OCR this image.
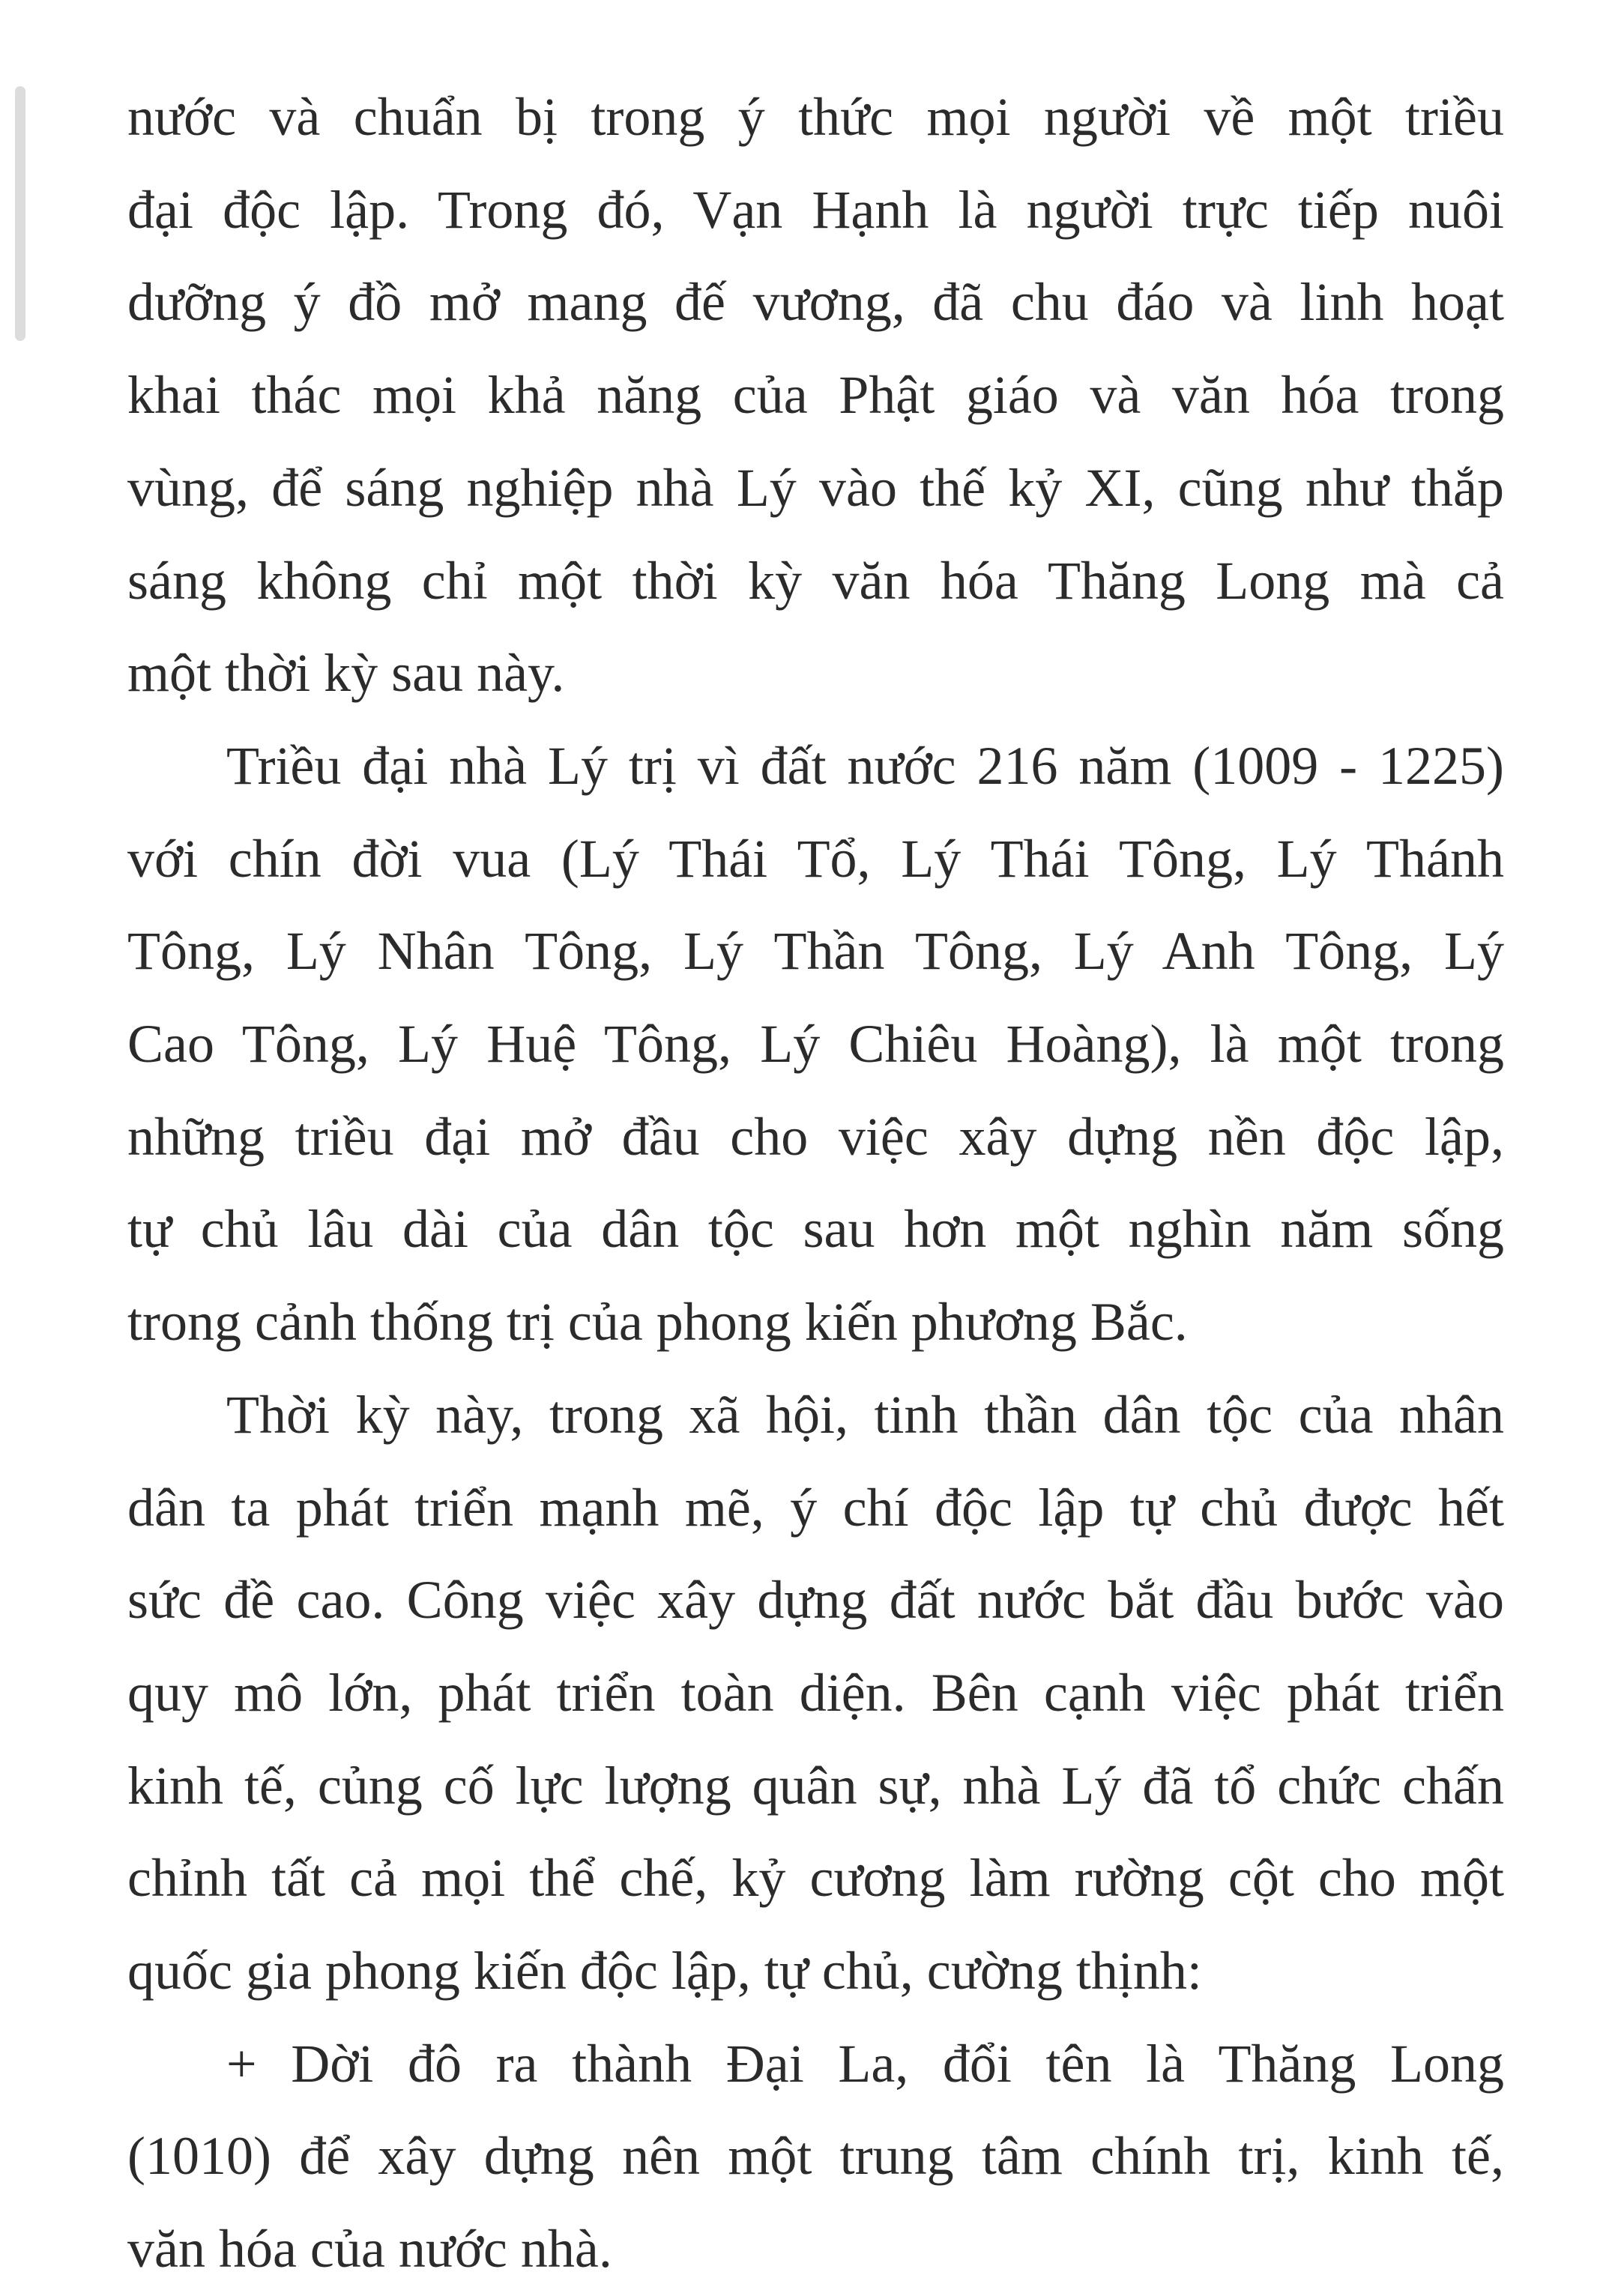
nước và chuẩn bị trong ý thức mọi người về một triều
đại độc lập. Trong đó, Vạn Hạnh là người trực tiếp nuôi
dưỡng ý đồ mở mang đế vương, đã chu đáo và linh hoạt
khai thác mọi khả năng của Phật giáo và văn hóa trong
vùng, để sáng nghiệp nhà Lý vào thế kỷ XI, cũng như thắp
sáng không chỉ một thời kỳ văn hóa Thăng Long mà cả
một thời kỳ sau này.

Triều đại nhà Lý trị vì đất nước 216 năm (1009 - 1225)
với chín đời vua (Lý Thái Tổ, Lý Thái Tông, Lý Thánh
Tông, Lý Nhân Tông, Lý Thần Tông, Lý Anh Tông, Lý
Cao Tông, Lý Huệ Tông, Lý Chiêu Hoàng), là một trong
những triều đại mở đầu cho việc xây dựng nền độc lập,
tự chủ lâu dài của dân tộc sau hơn một nghìn năm sống
trong cảnh thống trị của phong kiến phương Bắc.

Thời kỳ này, trong xã hội, tinh thần dân tộc của nhân
dân ta phát triển mạnh mẽ, ý chí độc lập tự chủ được hết
sức đề cao. Công việc xây dựng đất nước bắt đầu bước vào
quy mô lớn, phát triển toàn diện. Bên cạnh việc phát triển
kinh tế, củng cố lực lượng quân sự, nhà Lý đã tổ chức chấn
chỉnh tất cả mọi thể chế, kỷ cương làm rường cột cho một
quốc gia phong kiến độc lập, tự chủ, cường thịnh:

+ Dời đô ra thành Đại La, đổi tên là Thăng Long
(1010) để xây dựng nên một trung tâm chính trị, kinh tế,
văn hóa của nước nhà.
